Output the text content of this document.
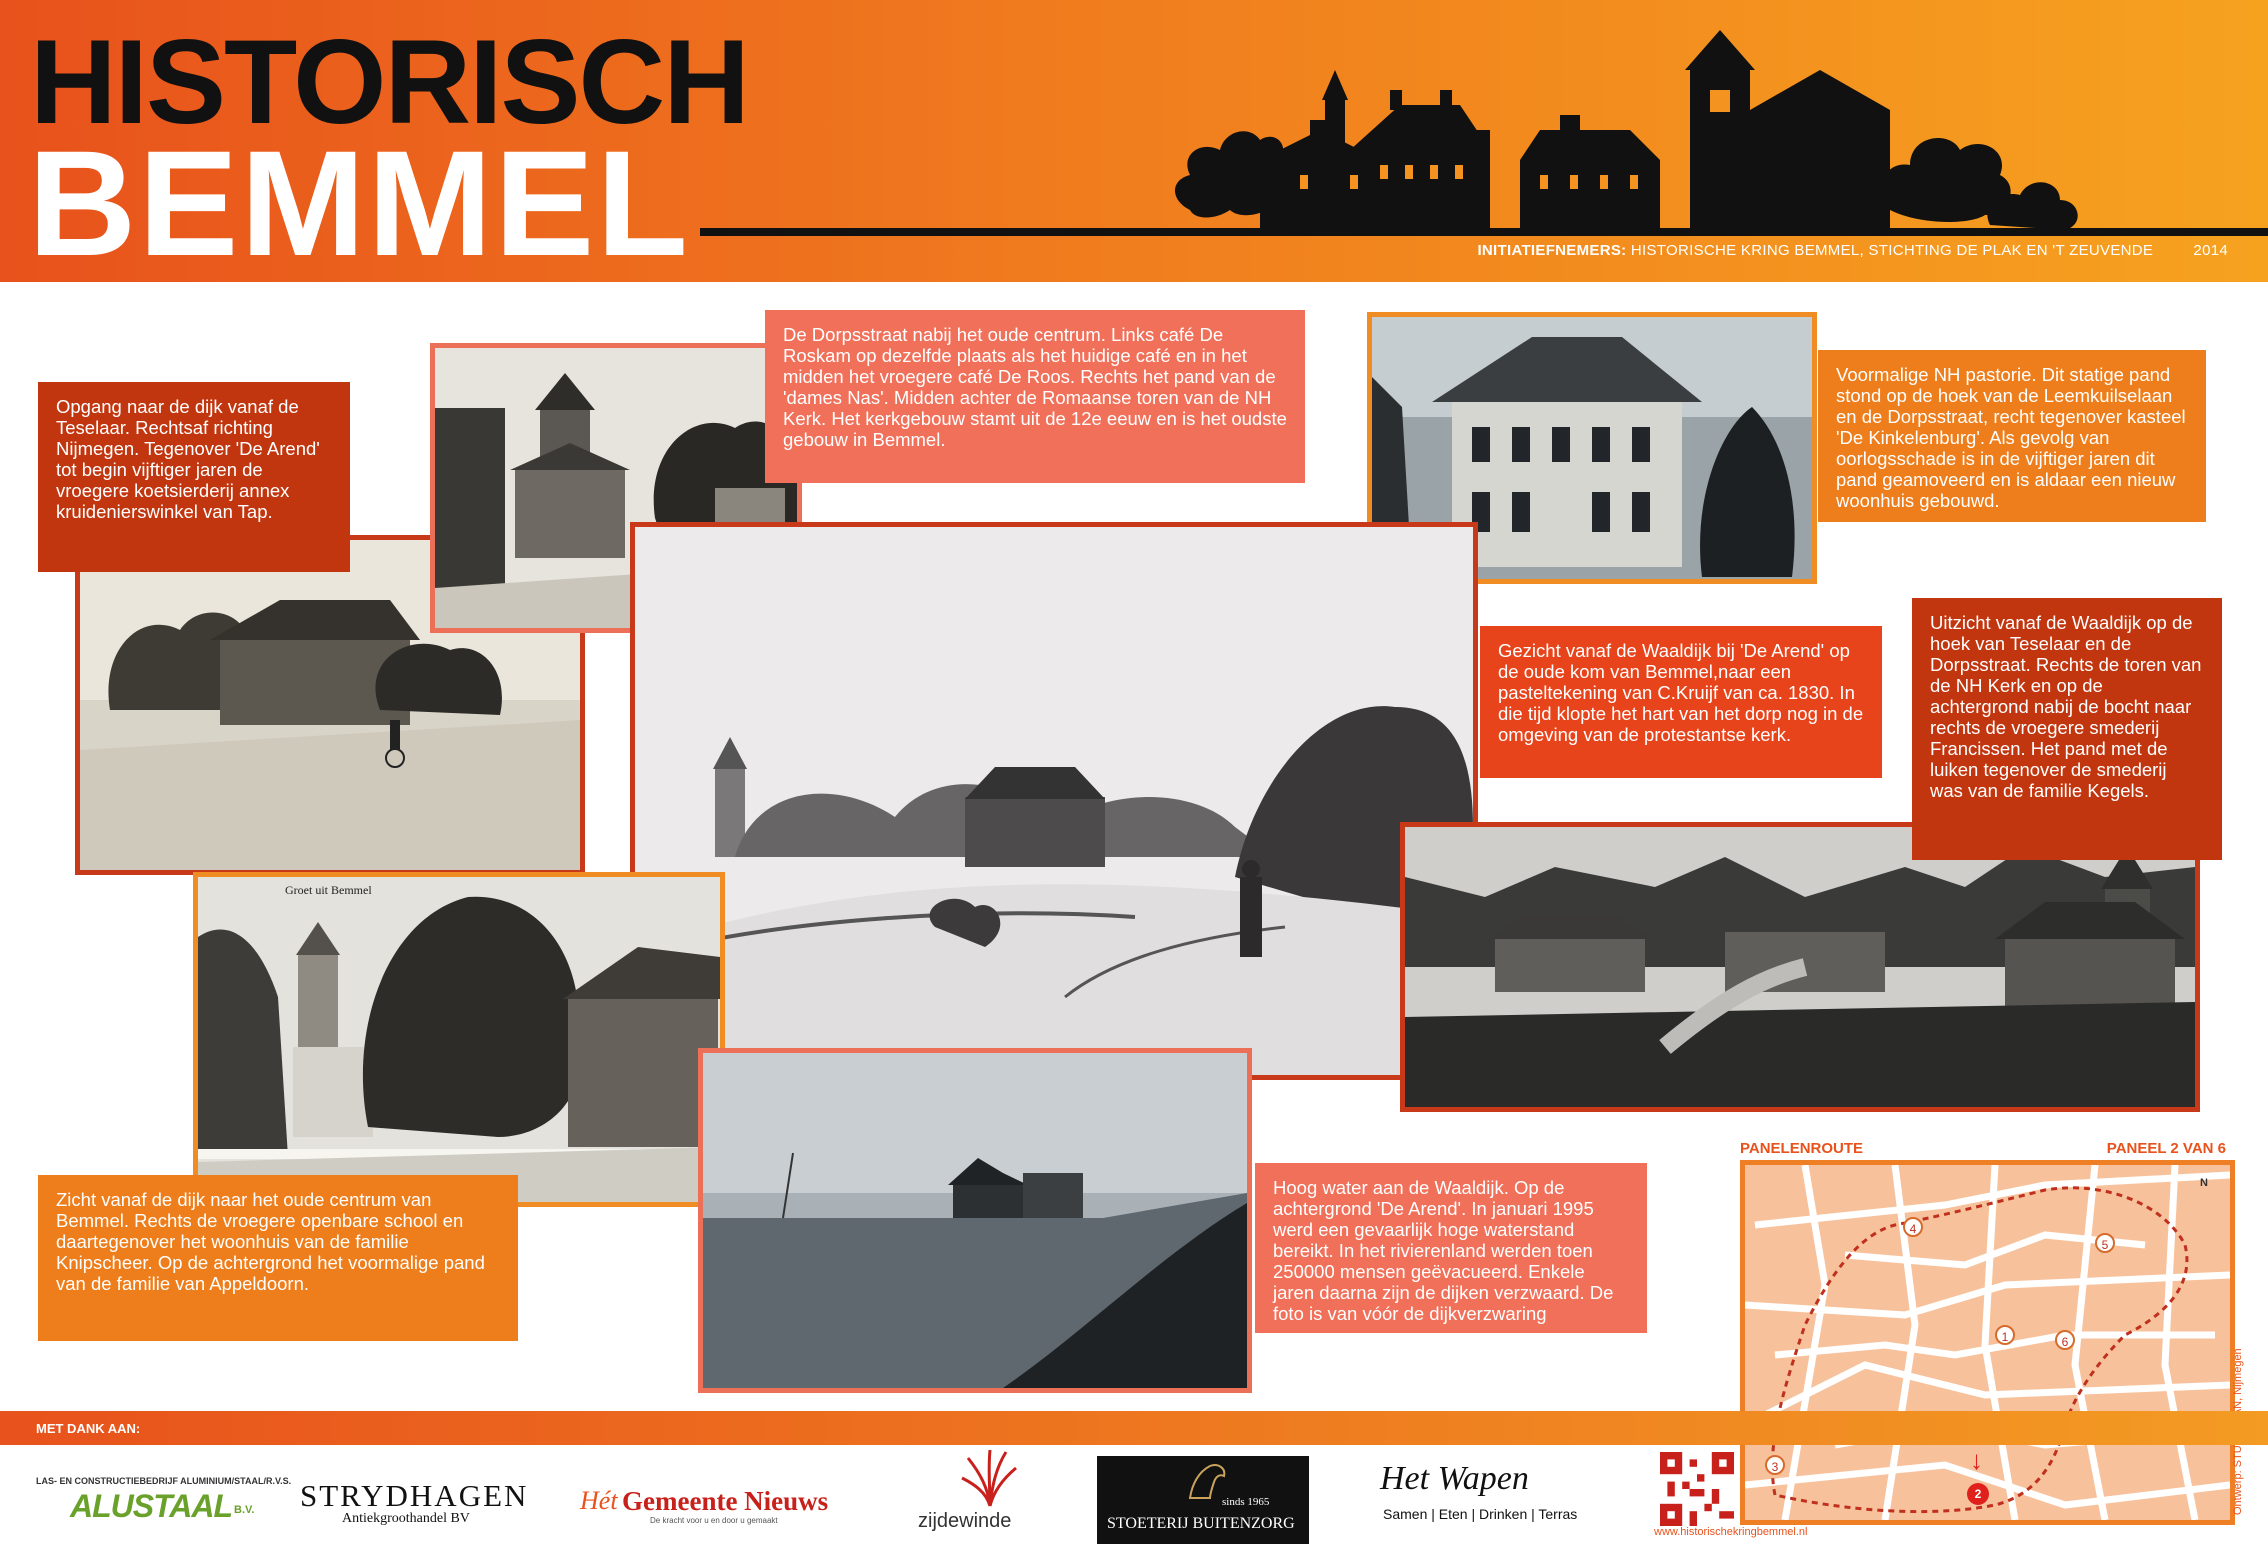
HISTORISCH
BEMMEL	INITIATIEFNEMERS: HISTORISCHE KRING BEMMEL, STICHTING DE PLAK EN 'T ZEUVENDE	2014
Groet uit Bemmel
Opgang naar de dijk vanaf de Teselaar. Rechtsaf richting Nijmegen. Tegenover 'De Arend' tot begin vijftiger jaren de vroegere koetsierderij annex kruidenierswinkel van Tap.
De Dorpsstraat nabij het oude centrum. Links café De Roskam op dezelfde plaats als het huidige café en in het midden het vroegere café De Roos. Rechts het pand van de 'dames Nas'. Midden achter de Romaanse toren van de NH Kerk. Het kerkgebouw stamt uit de 12e eeuw en is het oudste gebouw in Bemmel.
Voormalige NH pastorie. Dit statige pand stond op de hoek van de Leemkuilselaan en de Dorpsstraat, recht tegenover kasteel 'De Kinkelenburg'. Als gevolg van oorlogsschade is in de vijftiger jaren dit pand geamoveerd en is aldaar een nieuw woonhuis gebouwd.
Gezicht vanaf de Waaldijk bij 'De Arend' op de oude kom van Bemmel,naar een pasteltekening van C.Kruijf van ca. 1830. In die tijd klopte het hart van het dorp nog in de omgeving van de protestantse kerk.
Uitzicht vanaf de Waaldijk op de hoek van Teselaar en de Dorpsstraat. Rechts de toren van de NH Kerk en op de achtergrond nabij de bocht naar rechts de vroegere smederij Francissen. Het pand met de luiken tegenover de smederij was van de familie Kegels.
Zicht vanaf de dijk naar het oude centrum van Bemmel. Rechts de vroegere openbare school en daartegenover het woonhuis van de familie Knipscheer. Op de achtergrond het voormalige pand van de familie van Appeldoorn.
Hoog water aan de Waaldijk. Op de achtergrond 'De Arend'. In januari 1995 werd een gevaarlijk hoge waterstand bereikt. In het rivierenland werden toen 250000 mensen geëvacueerd. Enkele jaren daarna zijn de dijken verzwaard. De foto is van vóór de dijkverzwaring
PANELENROUTE	PANEEL 2 VAN 6
4
5
1	6
3	↓
2
N
MET DANK AAN:
LAS- EN CONSTRUCTIEBEDRIJF ALUMINIUM/STAAL/R.V.S.
ALUSTAAL B.V. STRYDHAGEN
Antiekgroothandel BV
Hét Gemeente Nieuws
De kracht voor u en door u gemaakt	zijdewinde
sinds 1965
STOETERIJ BUITENZORG
Het Wapen
Samen | Eten | Drinken | Terras
www.historischekringbemmel.nl
